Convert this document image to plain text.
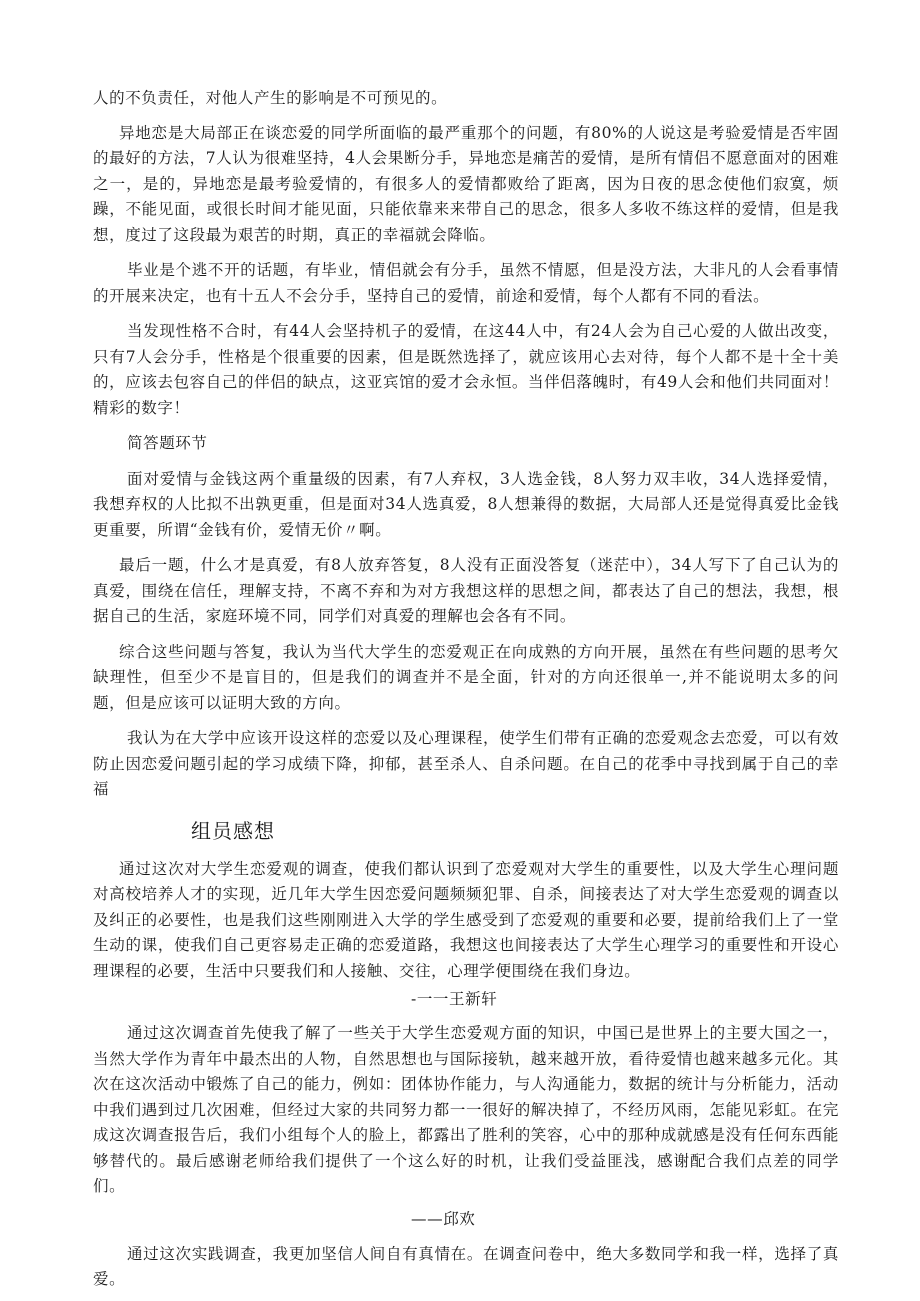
人的不负责任，对他人产生的影响是不可预见的。

异地恋是大局部正在谈恋爱的同学所面临的最严重那个的问题，有80%的人说这是考验爱情是否牢固的最好的方法，7人认为很难坚持，4人会果断分手，异地恋是痛苦的爱情，是所有情侣不愿意面对的困难之一，是的，异地恋是最考验爱情的，有很多人的爱情都败给了距离，因为日夜的思念使他们寂寞，烦躁，不能见面，或很长时间才能见面，只能依靠来来带自己的思念，很多人多收不练这样的爱情，但是我想，度过了这段最为艰苦的时期，真正的幸福就会降临。

毕业是个逃不开的话题，有毕业，情侣就会有分手，虽然不情愿，但是没方法，大非凡的人会看事情的开展来决定，也有十五人不会分手，坚持自己的爱情，前途和爱情，每个人都有不同的看法。

当发现性格不合时，有44人会坚持机子的爱情，在这44人中，有24人会为自己心爱的人做出改变，只有7人会分手，性格是个很重要的因素，但是既然选择了，就应该用心去对待，每个人都不是十全十美的，应该去包容自己的伴侣的缺点，这亚宾馆的爱才会永恒。当伴侣落魄时，有49人会和他们共同面对！精彩的数字！

简答题环节

面对爱情与金钱这两个重量级的因素，有7人弃权，3人选金钱，8人努力双丰收，34人选择爱情，我想弃权的人比拟不出孰更重，但是面对34人选真爱，8人想兼得的数据，大局部人还是觉得真爱比金钱更重要，所谓“金钱有价，爱情无价〃啊。

最后一题，什么才是真爱，有8人放弃答复，8人没有正面没答复（迷茫中），34人写下了自己认为的真爱，围绕在信任，理解支持，不离不弃和为对方我想这样的思想之间，都表达了自己的想法，我想，根据自己的生活，家庭环境不同，同学们对真爱的理解也会各有不同。

综合这些问题与答复，我认为当代大学生的恋爱观正在向成熟的方向开展，虽然在有些问题的思考欠缺理性，但至少不是盲目的，但是我们的调查并不是全面，针对的方向还很单一,并不能说明太多的问题，但是应该可以证明大致的方向。

我认为在大学中应该开设这样的恋爱以及心理课程，使学生们带有正确的恋爱观念去恋爱，可以有效防止因恋爱问题引起的学习成绩下降，抑郁，甚至杀人、自杀问题。在自己的花季中寻找到属于自己的幸福

组员感想

通过这次对大学生恋爱观的调查，使我们都认识到了恋爱观对大学生的重要性，以及大学生心理问题对高校培养人才的实现，近几年大学生因恋爱问题频频犯罪、自杀，间接表达了对大学生恋爱观的调查以及纠正的必要性，也是我们这些刚刚进入大学的学生感受到了恋爱观的重要和必要，提前给我们上了一堂生动的课，使我们自己更容易走正确的恋爱道路，我想这也间接表达了大学生心理学习的重要性和开设心理课程的必要，生活中只要我们和人接触、交往，心理学便围绕在我们身边。

-一一王新轩

通过这次调查首先使我了解了一些关于大学生恋爱观方面的知识，中国已是世界上的主要大国之一，当然大学作为青年中最杰出的人物，自然思想也与国际接轨，越来越开放，看待爱情也越来越多元化。其次在这次活动中锻炼了自己的能力，例如：团体协作能力，与人沟通能力，数据的统计与分析能力，活动中我们遇到过几次困难，但经过大家的共同努力都一一很好的解决掉了，不经历风雨，怎能见彩虹。在完成这次调查报告后，我们小组每个人的脸上，都露出了胜利的笑容，心中的那种成就感是没有任何东西能够替代的。最后感谢老师给我们提供了一个这么好的时机，让我们受益匪浅，感谢配合我们点差的同学们。

——邱欢

通过这次实践调查，我更加坚信人间自有真情在。在调查问卷中，绝大多数同学和我一样，选择了真爱。
